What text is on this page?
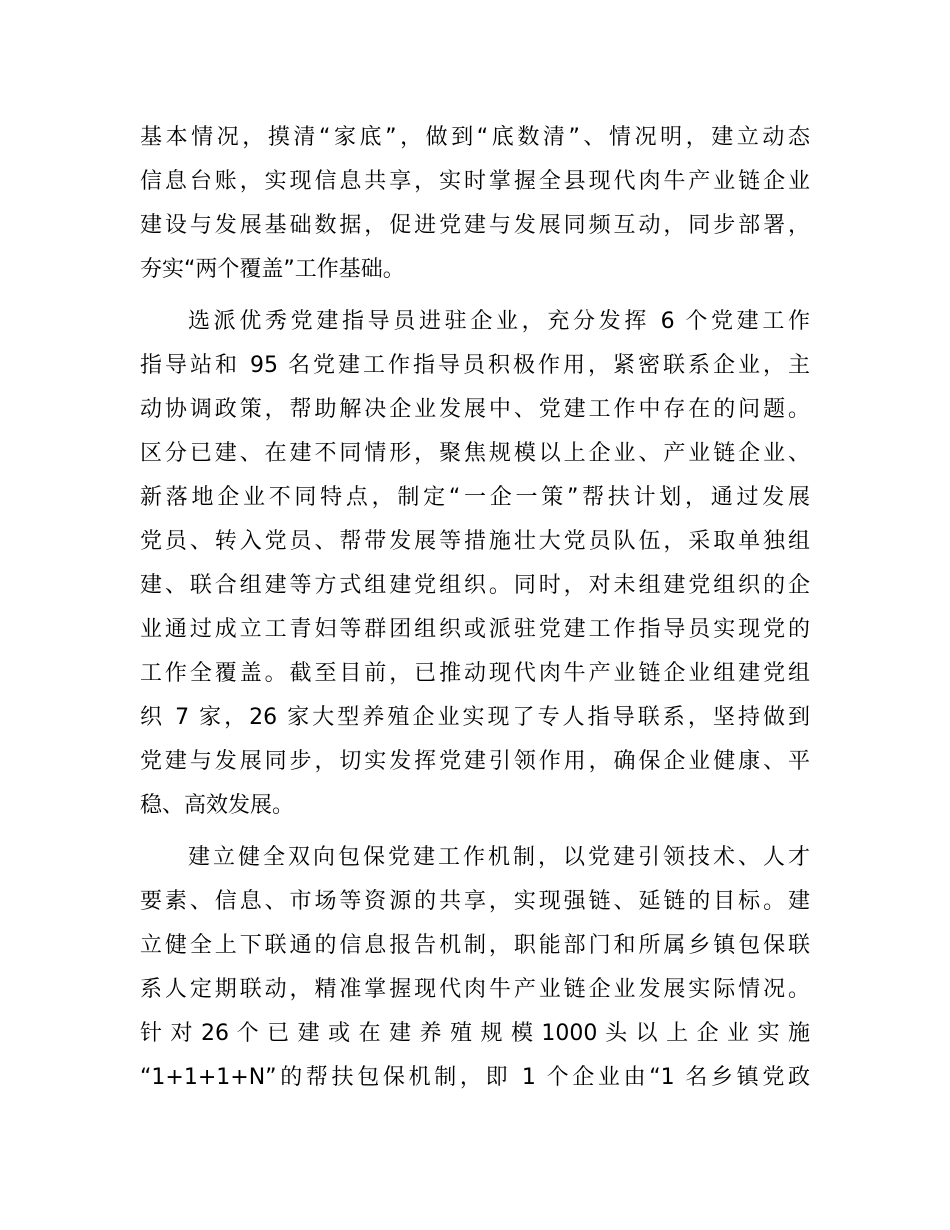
基本情况，摸清“家底”，做到“底数清”、情况明，建立动态
信息台账，实现信息共享，实时掌握全县现代肉牛产业链企业
建设与发展基础数据，促进党建与发展同频互动，同步部署，
夯实“两个覆盖”工作基础。
选派优秀党建指导员进驻企业，充分发挥 6 个党建工作
指导站和 95 名党建工作指导员积极作用，紧密联系企业，主
动协调政策，帮助解决企业发展中、党建工作中存在的问题。
区分已建、在建不同情形，聚焦规模以上企业、产业链企业、
新落地企业不同特点，制定“一企一策”帮扶计划，通过发展
党员、转入党员、帮带发展等措施壮大党员队伍，采取单独组
建、联合组建等方式组建党组织。同时，对未组建党组织的企
业通过成立工青妇等群团组织或派驻党建工作指导员实现党的
工作全覆盖。截至目前，已推动现代肉牛产业链企业组建党组
织 7 家，26 家大型养殖企业实现了专人指导联系，坚持做到
党建与发展同步，切实发挥党建引领作用，确保企业健康、平
稳、高效发展。
建立健全双向包保党建工作机制，以党建引领技术、人才
要素、信息、市场等资源的共享，实现强链、延链的目标。建
立健全上下联通的信息报告机制，职能部门和所属乡镇包保联
系人定期联动，精准掌握现代肉牛产业链企业发展实际情况。
针 对 26 个 已 建 或 在 建 养 殖 规 模 1000 头 以 上 企 业 实 施
“1+1+1+N”的帮扶包保机制，即 1 个企业由“1 名乡镇党政
